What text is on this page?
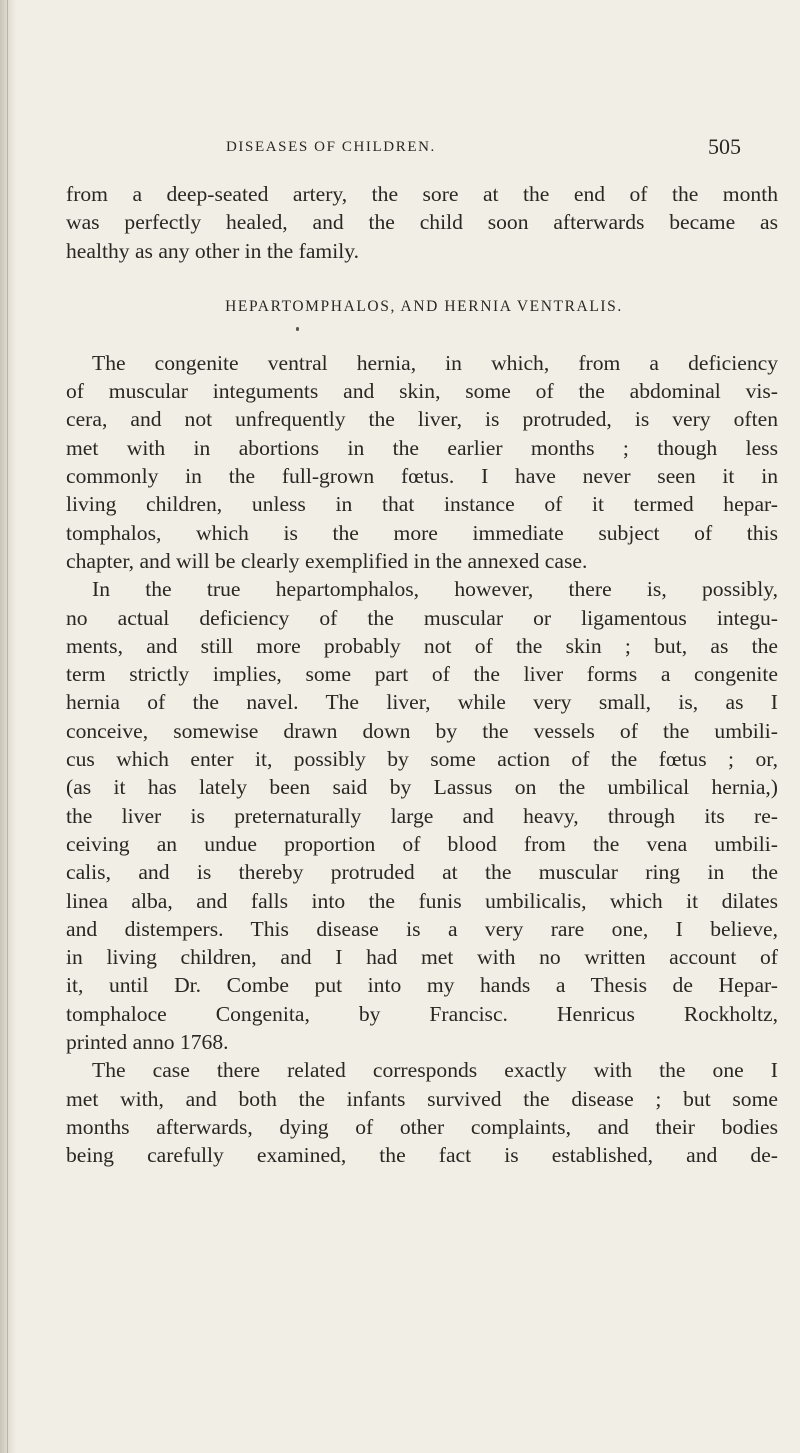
DISEASES OF CHILDREN.	505
from a deep-seated artery, the sore at the end of the month
was perfectly healed, and the child soon afterwards became as
healthy as any other in the family.
HEPARTOMPHALOS, AND HERNIA VENTRALIS.
The congenite ventral hernia, in which, from a deficiency
of muscular integuments and skin, some of the abdominal vis-
cera, and not unfrequently the liver, is protruded, is very often
met with in abortions in the earlier months ; though less
commonly in the full-grown fœtus. I have never seen it in
living children, unless in that instance of it termed hepar-
tomphalos, which is the more immediate subject of this
chapter, and will be clearly exemplified in the annexed case.
In the true hepartomphalos, however, there is, possibly,
no actual deficiency of the muscular or ligamentous integu-
ments, and still more probably not of the skin ; but, as the
term strictly implies, some part of the liver forms a congenite
hernia of the navel. The liver, while very small, is, as I
conceive, somewise drawn down by the vessels of the umbili-
cus which enter it, possibly by some action of the fœtus ; or,
(as it has lately been said by Lassus on the umbilical hernia,)
the liver is preternaturally large and heavy, through its re-
ceiving an undue proportion of blood from the vena umbili-
calis, and is thereby protruded at the muscular ring in the
linea alba, and falls into the funis umbilicalis, which it dilates
and distempers. This disease is a very rare one, I believe,
in living children, and I had met with no written account of
it, until Dr. Combe put into my hands a Thesis de Hepar-
tomphaloce Congenita, by Francisc. Henricus Rockholtz,
printed anno 1768.
The case there related corresponds exactly with the one I
met with, and both the infants survived the disease ; but some
months afterwards, dying of other complaints, and their bodies
being carefully examined, the fact is established, and de-
